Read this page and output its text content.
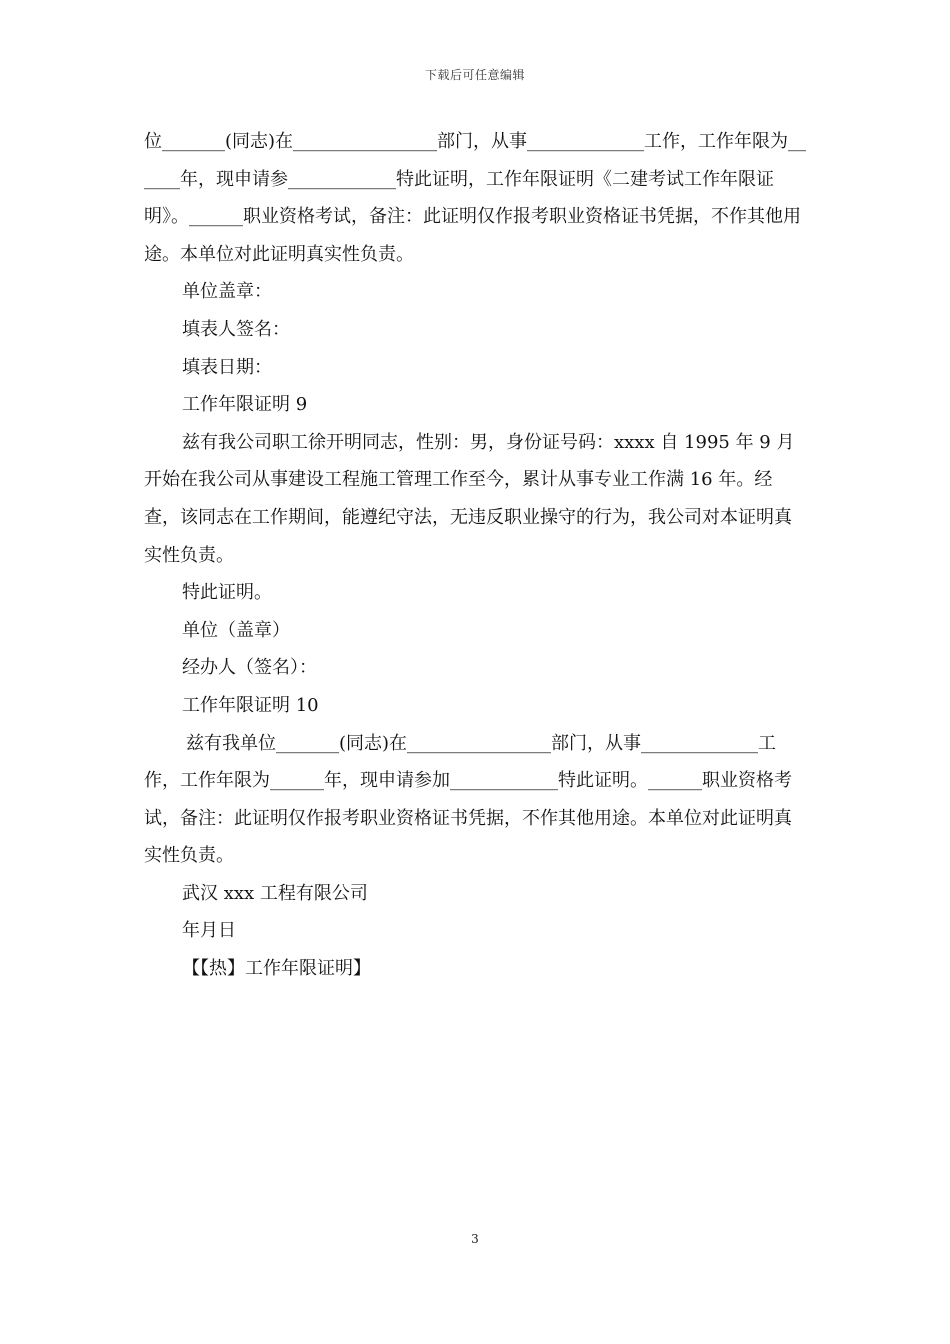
下载后可任意编辑

位_______(同志)在________________部门，从事_____________工作，工作年限为______年，现申请参____________特此证明，工作年限证明《二建考试工作年限证明》。______职业资格考试，备注：此证明仅作报考职业资格证书凭据，不作其他用途。本单位对此证明真实性负责。

单位盖章：

填表人签名：

填表日期：

工作年限证明 9

兹有我公司职工徐开明同志，性别：男，身份证号码：xxxx 自 1995 年 9 月开始在我公司从事建设工程施工管理工作至今，累计从事专业工作满 16 年。经查，该同志在工作期间，能遵纪守法，无违反职业操守的行为，我公司对本证明真实性负责。

特此证明。

单位（盖章）

经办人（签名）：

工作年限证明 10

兹有我单位_______(同志)在________________部门，从事_____________工作，工作年限为______年，现申请参加____________特此证明。______职业资格考试，备注：此证明仅作报考职业资格证书凭据，不作其他用途。本单位对此证明真实性负责。

武汉 xxx 工程有限公司

年月日

【【热】工作年限证明】

3
